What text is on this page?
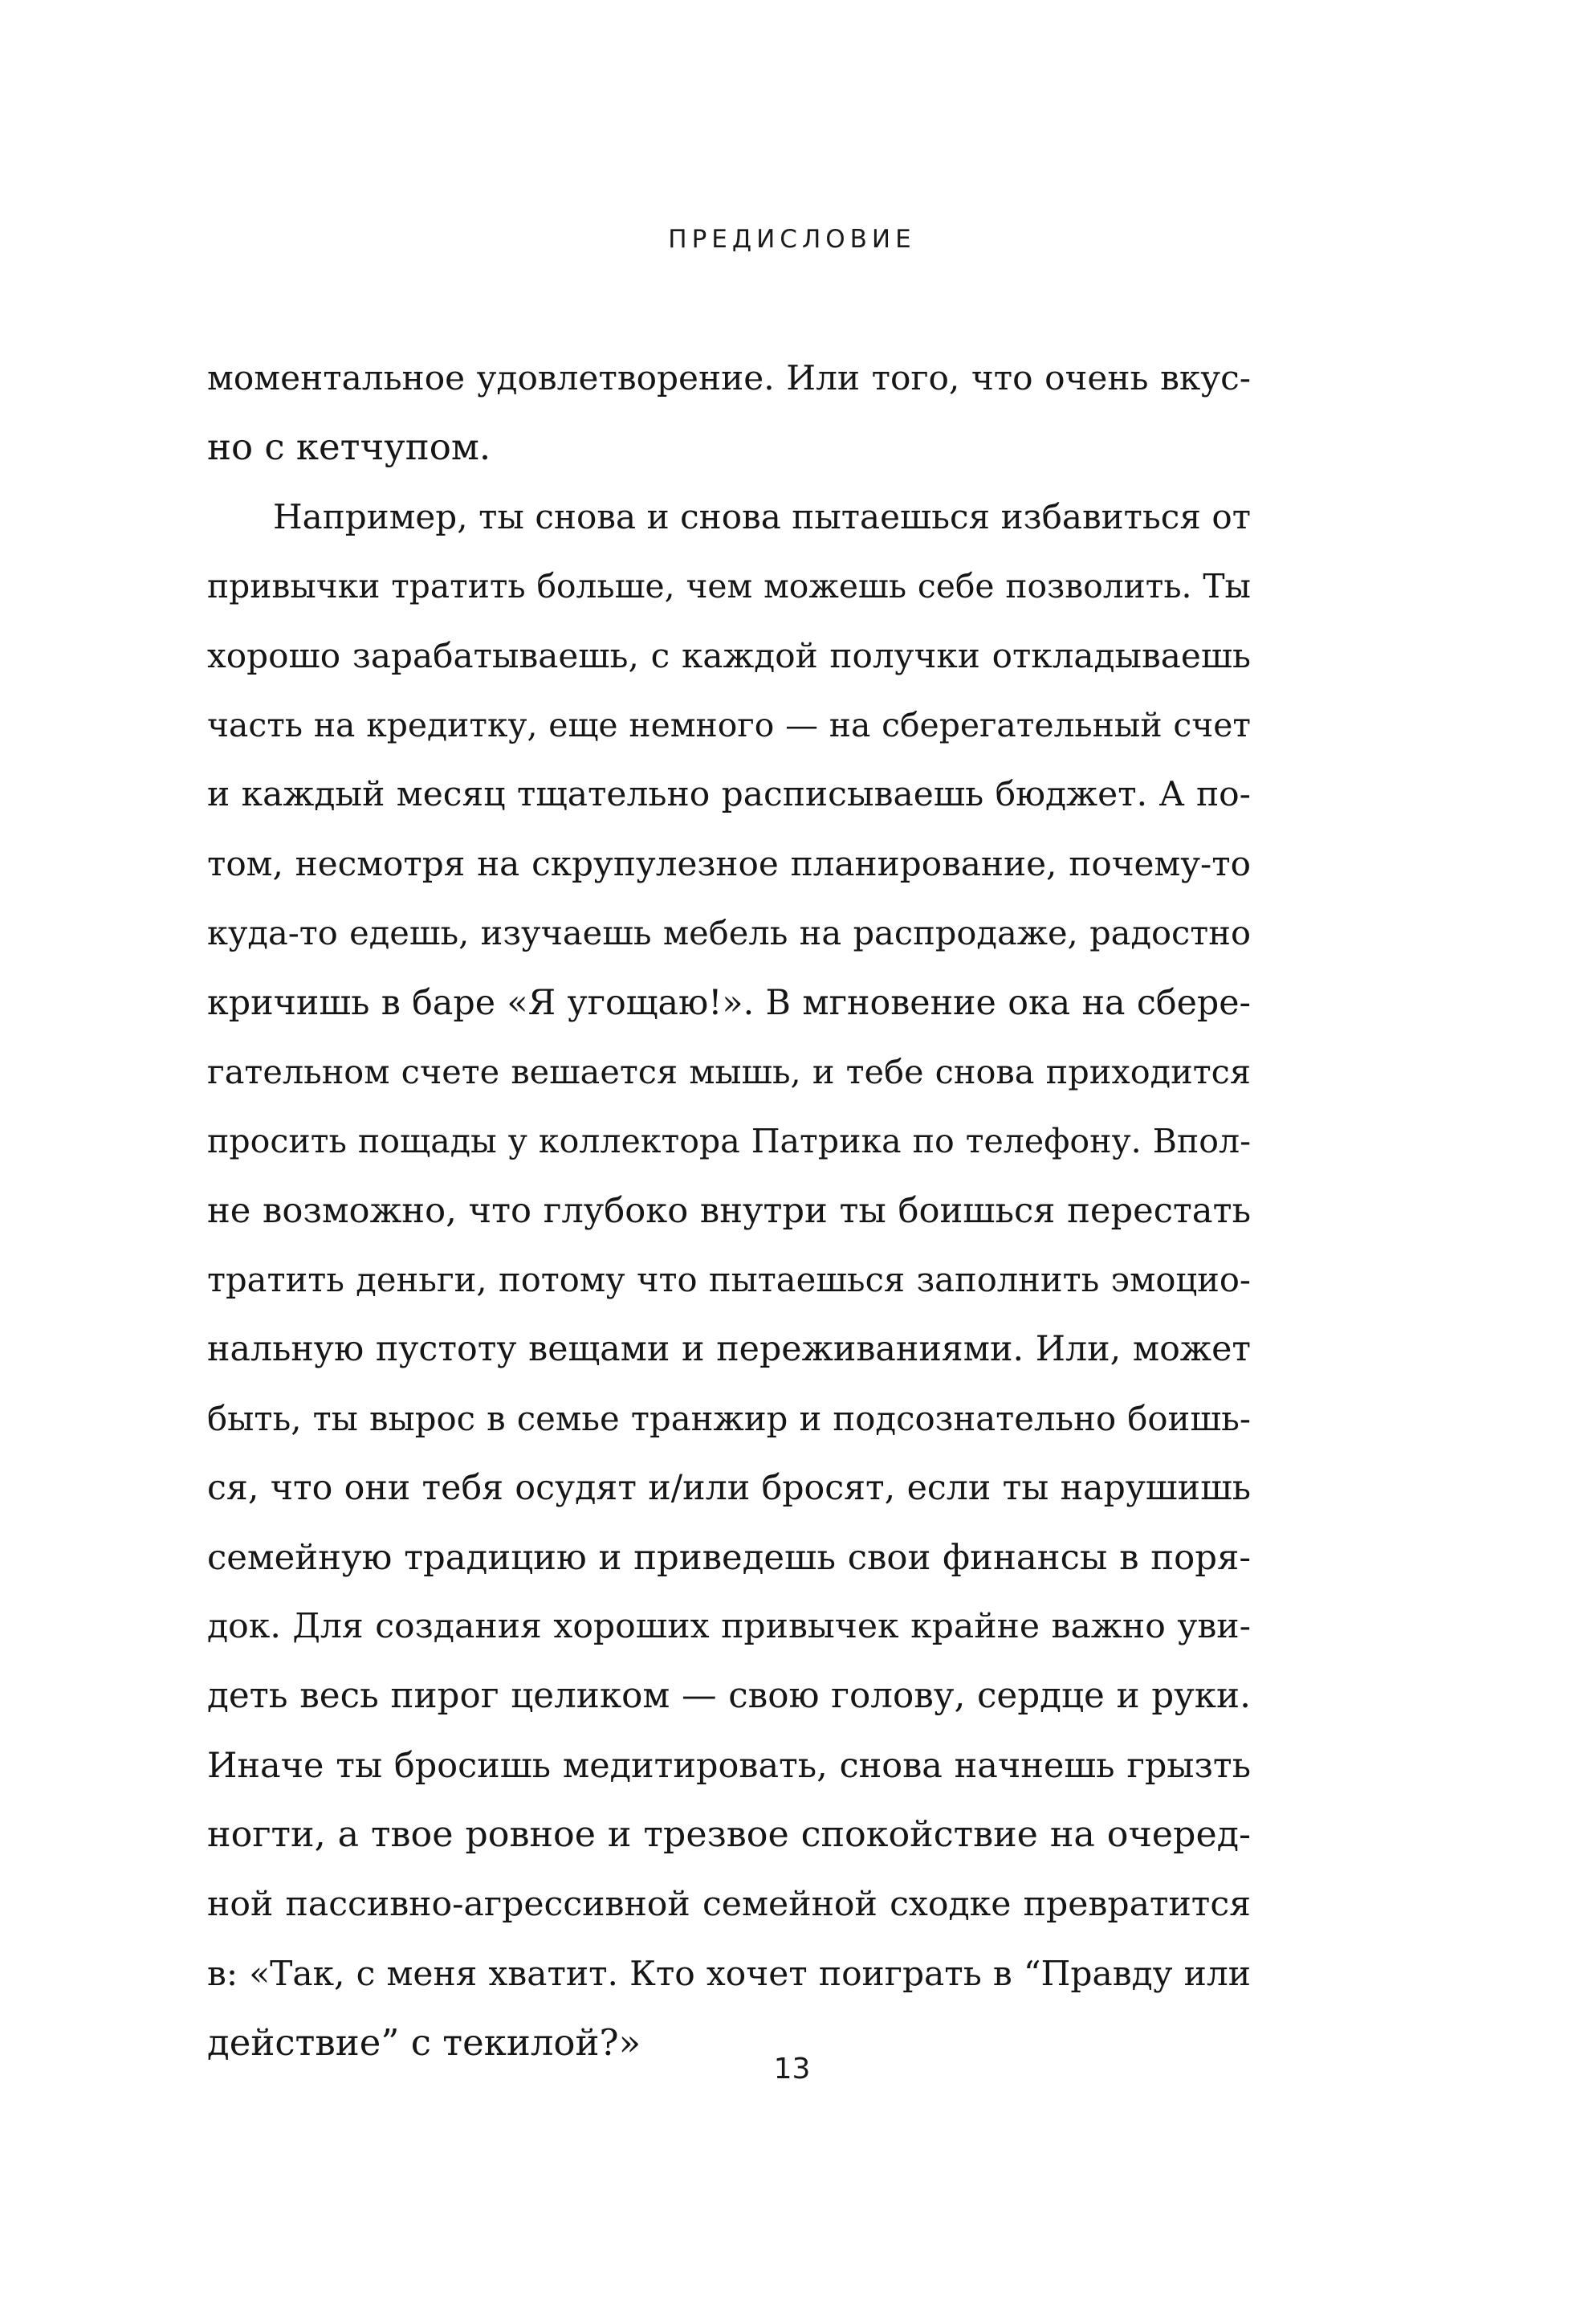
ПРЕДИСЛОВИЕ
моментальное удовлетворение. Или того, что очень вкус-
но с кетчупом.
Например, ты снова и снова пытаешься избавиться от
привычки тратить больше, чем можешь себе позволить. Ты
хорошо зарабатываешь, с каждой получки откладываешь
часть на кредитку, еще немного — на сберегательный счет
и каждый месяц тщательно расписываешь бюджет. А по-
том, несмотря на скрупулезное планирование, почему-то
куда-то едешь, изучаешь мебель на распродаже, радостно
кричишь в баре «Я угощаю!». В мгновение ока на сбере-
гательном счете вешается мышь, и тебе снова приходится
просить пощады у коллектора Патрика по телефону. Впол-
не возможно, что глубоко внутри ты боишься перестать
тратить деньги, потому что пытаешься заполнить эмоцио-
нальную пустоту вещами и переживаниями. Или, может
быть, ты вырос в семье транжир и подсознательно боишь-
ся, что они тебя осудят и/или бросят, если ты нарушишь
семейную традицию и приведешь свои финансы в поря-
док. Для создания хороших привычек крайне важно уви-
деть весь пирог целиком — свою голову, сердце и руки.
Иначе ты бросишь медитировать, снова начнешь грызть
ногти, а твое ровное и трезвое спокойствие на очеред-
ной пассивно-агрессивной семейной сходке превратится
в: «Так, с меня хватит. Кто хочет поиграть в “Правду или
действие” с текилой?»
13
